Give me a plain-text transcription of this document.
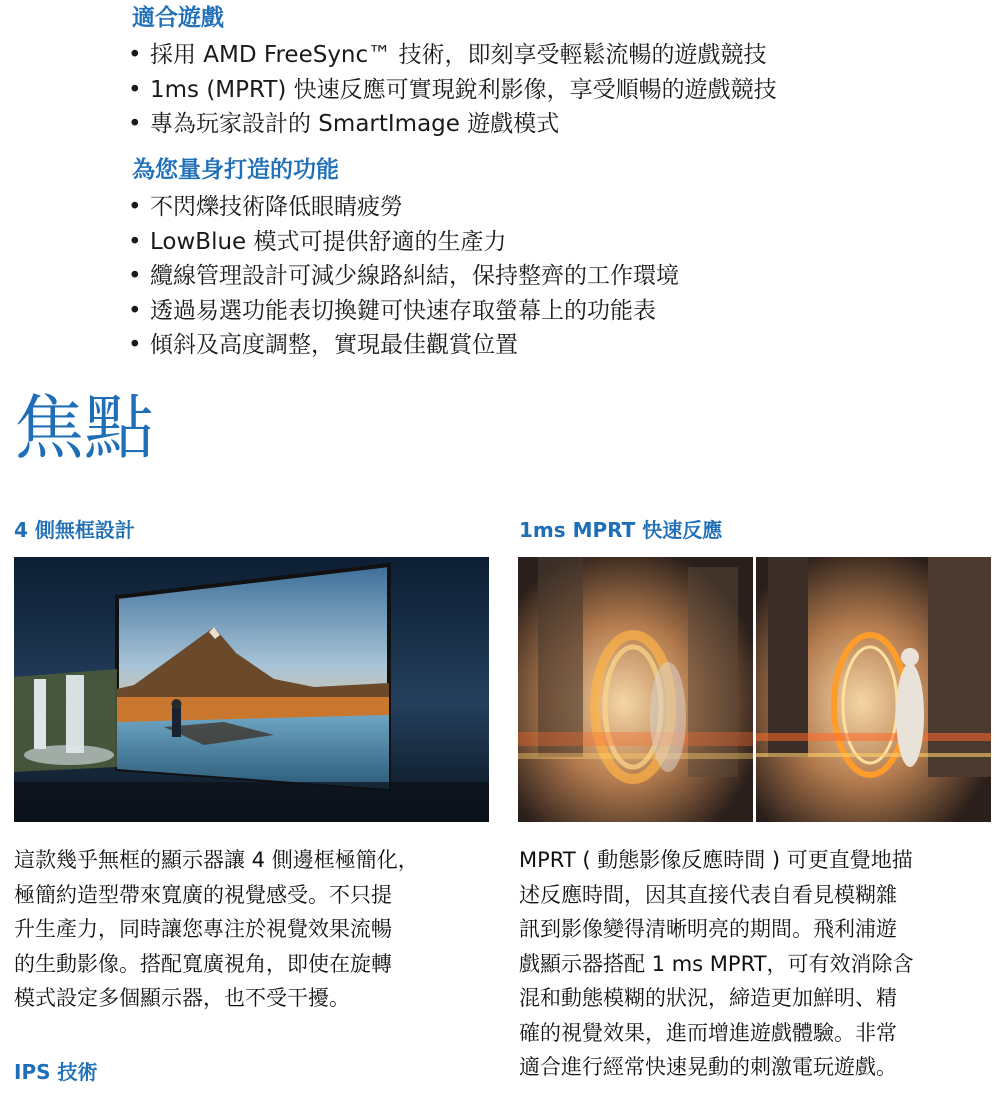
適合遊戲
• 採用 AMD FreeSync™ 技術，即刻享受輕鬆流暢的遊戲競技
• 1ms (MPRT) 快速反應可實現銳利影像，享受順暢的遊戲競技
• 專為玩家設計的 SmartImage 遊戲模式
為您量身打造的功能
• 不閃爍技術降低眼睛疲勞
• LowBlue 模式可提供舒適的生產力
• 纜線管理設計可減少線路糾結，保持整齊的工作環境
• 透過易選功能表切換鍵可快速存取螢幕上的功能表
• 傾斜及高度調整，實現最佳觀賞位置
焦點
4 側無框設計	1ms MPRT 快速反應
這款幾乎無框的顯示器讓 4 側邊框極簡化，
極簡約造型帶來寬廣的視覺感受。不只提
升生產力，同時讓您專注於視覺效果流暢
的生動影像。搭配寬廣視角，即使在旋轉
模式設定多個顯示器，也不受干擾。
MPRT ( 動態影像反應時間 ) 可更直覺地描
述反應時間，因其直接代表自看見模糊雜
訊到影像變得清晰明亮的期間。飛利浦遊
戲顯示器搭配 1 ms MPRT，可有效消除含
混和動態模糊的狀況，締造更加鮮明、精
確的視覺效果，進而增進遊戲體驗。非常
適合進行經常快速晃動的刺激電玩遊戲。
IPS 技術
